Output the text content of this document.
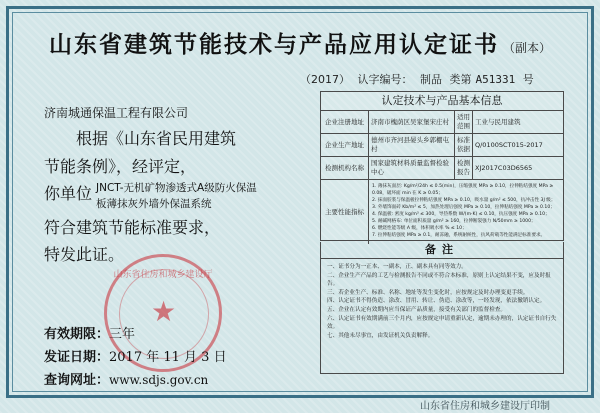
山东省建筑节能技术与产品应用认定证书 （副本）
（2017） 认字编号： 制品 类第 A51331 号
济南城通保温工程有限公司
根据《山东省民用建筑
节能条例》，经评定，
你单位 JNCT-无机矿物渗透式A级防火保温
板薄抹灰外墙外保温系统
符合建筑节能标准要求，
特发此证。
山东省住房和城乡建设厅
★
有效期限：三年
发证日期：2017 年 11 月 3 日
查询网址：www.sdjs.gov.cn
认定技术与产品基本信息
企业注册地址	济南市槐荫区吴家堡宋庄村
适用范围
工业与民用建筑
企业生产地址
德州市齐河县晏头乡郭棚屯村
标准依据
Q/0100SCT015-2017
检测机构名称
国家建筑材料质量监督检验中心
检测报告
XJ2017C03D6565
主要性能指标
1. 薄抹灰面层: Kg/m²/24h ≤ 0.5(min)，压缩强度 MPa ≥ 0.10，拉伸粘结强度 MPa ≥ 0.08，破坏面 min 在 K ≥ 0.05；
2. 抹面胶浆与保温板拉伸粘结强度 MPa ≥ 0.10，吸水量 g/m² ≤ 500，抗冲击性 3J 级；
3. 外墙饰面砖 Kb/m² ≤ 5，加热处理后强度 MPa ≥ 0.10，拉伸粘结强度 MPa ≥ 0.10；
4. 保温板: 密度 kg/m³ ≤ 300，导热系数 W/(m·K) ≤ 0.10，抗压强度 MPa ≥ 0.10；
5. 耐碱网格布: 单位面积质量 g/m² ≥ 160，拉伸断裂强力 N/50mm ≥ 1000；
6. 燃烧性能等级 A 级，体积吸水率 % ≤ 10；
7. 拉伸粘结强度 MPa ≥ 0.1，耐冻融，系统耐候性，抗风荷载等性能满足标准要求。
备注
一、证书分为一正本、一副本，正、副本具有同等效力。
二、企业生产产品的工艺与检测报告不同或不符合本标准，原则上认定结果不变，应及时报告。
三、若企业生产、标准、名称、地址等发生变化时，应按规定及时办理变更手续。
四、认定证书不得伪造、涂改、冒用、转让、伪造、涂改等，一经发现，依法撤销认定。
五、企业在认定有效期内应当保证产品质量，接受有关部门的监督检查。
六、认定证书有效期满前三个月内，应按规定申请重新认定，逾期未办理的，认定证书自行失效。
七、其他未尽事宜，由发证机关负责解释。
山东省住房和城乡建设厅印制
